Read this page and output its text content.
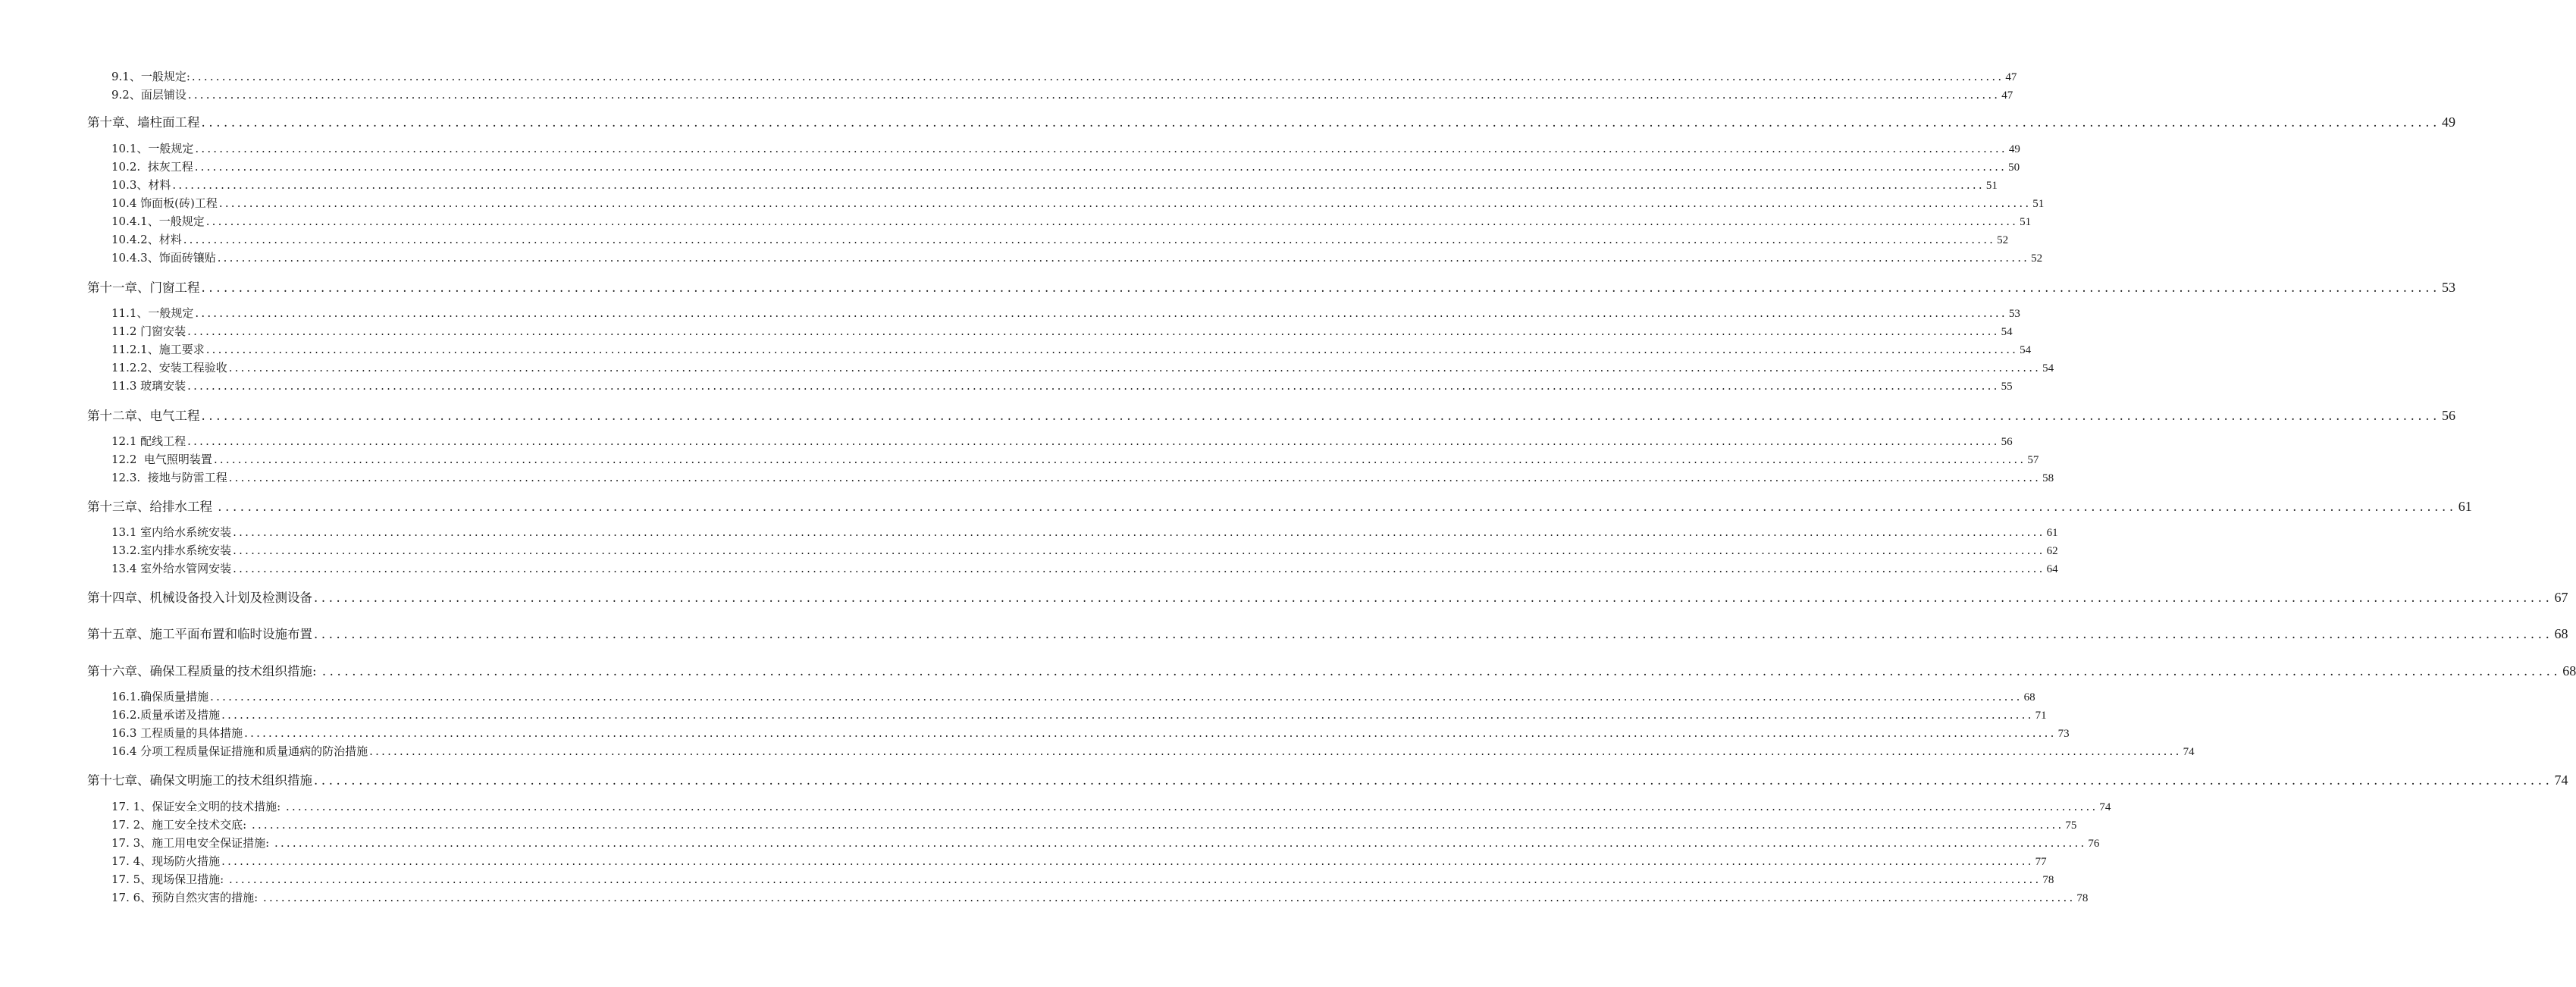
9.1、一般规定: ............................................................................................................................................................................................................................................................................................................ 47
9.2、面层铺设 ............................................................................................................................................................................................................................................................................................................ 47
第十章、墙柱面工程 ............................................................................................................................................................................................................................................................................................................ 49
10.1、一般规定 ............................................................................................................................................................................................................................................................................................................ 49
10.2.  抹灰工程 ............................................................................................................................................................................................................................................................................................................ 50
10.3、材料 ............................................................................................................................................................................................................................................................................................................ 51
10.4 饰面板(砖)工程 ............................................................................................................................................................................................................................................................................................................ 51
10.4.1、一般规定 ............................................................................................................................................................................................................................................................................................................ 51
10.4.2、材料 ............................................................................................................................................................................................................................................................................................................ 52
10.4.3、饰面砖镶贴 ............................................................................................................................................................................................................................................................................................................ 52
第十一章、门窗工程 ............................................................................................................................................................................................................................................................................................................ 53
11.1、一般规定 ............................................................................................................................................................................................................................................................................................................ 53
11.2 门窗安装 ............................................................................................................................................................................................................................................................................................................ 54
11.2.1、施工要求 ............................................................................................................................................................................................................................................................................................................ 54
11.2.2、安装工程验收 ............................................................................................................................................................................................................................................................................................................ 54
11.3 玻璃安装 ............................................................................................................................................................................................................................................................................................................ 55
第十二章、电气工程 ............................................................................................................................................................................................................................................................................................................ 56
12.1 配线工程 ............................................................................................................................................................................................................................................................................................................ 56
12.2  电气照明装置 ............................................................................................................................................................................................................................................................................................................ 57
12.3.  接地与防雷工程 ............................................................................................................................................................................................................................................................................................................ 58
第十三章、给排水工程 ............................................................................................................................................................................................................................................................................................................ 61
13.1 室内给水系统安装 ............................................................................................................................................................................................................................................................................................................ 61
13.2.室内排水系统安装 ............................................................................................................................................................................................................................................................................................................ 62
13.4 室外给水管网安装 ............................................................................................................................................................................................................................................................................................................ 64
第十四章、机械设备投入计划及检测设备 ............................................................................................................................................................................................................................................................................................................ 67
第十五章、施工平面布置和临时设施布置 ............................................................................................................................................................................................................................................................................................................ 68
第十六章、确保工程质量的技术组织措施: ............................................................................................................................................................................................................................................................................................................ 68
16.1.确保质量措施 ............................................................................................................................................................................................................................................................................................................ 68
16.2.质量承诺及措施 ............................................................................................................................................................................................................................................................................................................ 71
16.3 工程质量的具体措施 ............................................................................................................................................................................................................................................................................................................ 73
16.4 分项工程质量保证措施和质量通病的防治措施 ............................................................................................................................................................................................................................................................................................................ 74
第十七章、确保文明施工的技术组织措施 ............................................................................................................................................................................................................................................................................................................ 74
17. 1、保证安全文明的技术措施: ............................................................................................................................................................................................................................................................................................................ 74
17. 2、施工安全技术交底: ............................................................................................................................................................................................................................................................................................................ 75
17. 3、施工用电安全保证措施: ............................................................................................................................................................................................................................................................................................................ 76
17. 4、现场防火措施 ............................................................................................................................................................................................................................................................................................................ 77
17. 5、现场保卫措施: ............................................................................................................................................................................................................................................................................................................ 78
17. 6、预防自然灾害的措施: ............................................................................................................................................................................................................................................................................................................ 78
